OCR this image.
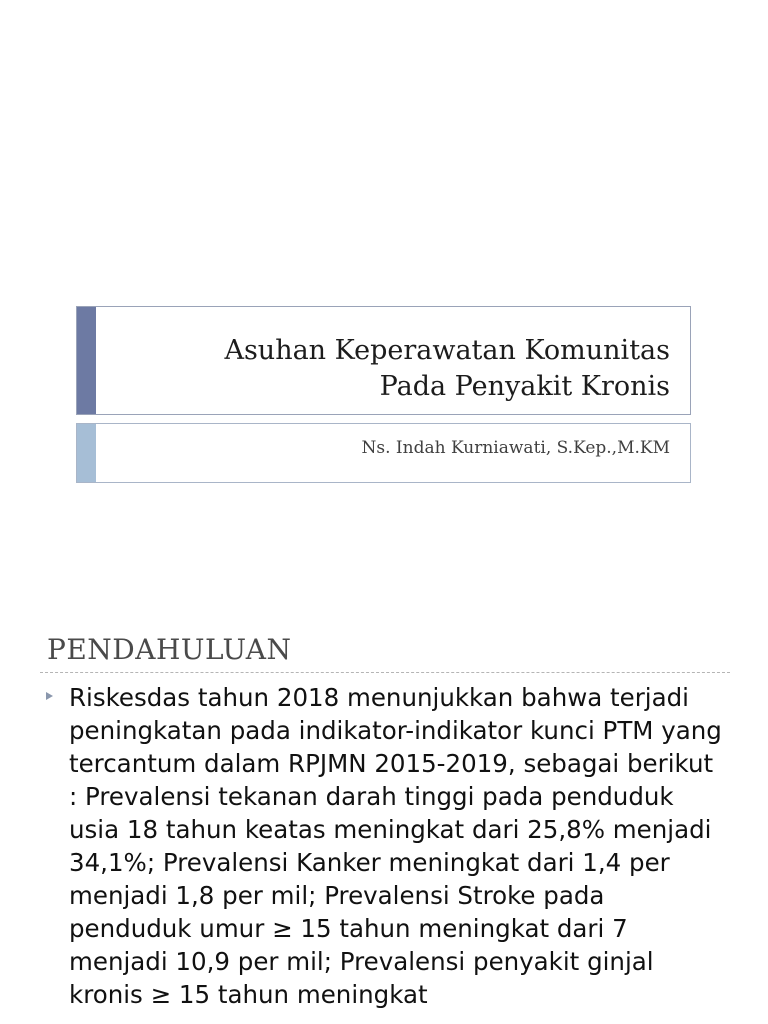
Asuhan Keperawatan Komunitas
Pada Penyakit Kronis
Ns. Indah Kurniawati, S.Kep.,M.KM
PENDAHULUAN

Riskesdas tahun 2018 menunjukkan bahwa terjadi peningkatan pada indikator-indikator kunci PTM yang tercantum dalam RPJMN 2015-2019, sebagai berikut : Prevalensi tekanan darah tinggi pada penduduk usia 18 tahun keatas meningkat dari 25,8% menjadi 34,1%; Prevalensi Kanker meningkat dari 1,4 per menjadi 1,8 per mil; Prevalensi Stroke pada penduduk umur ≥ 15 tahun meningkat dari 7 menjadi 10,9 per mil; Prevalensi penyakit ginjal kronis ≥ 15 tahun meningkat
